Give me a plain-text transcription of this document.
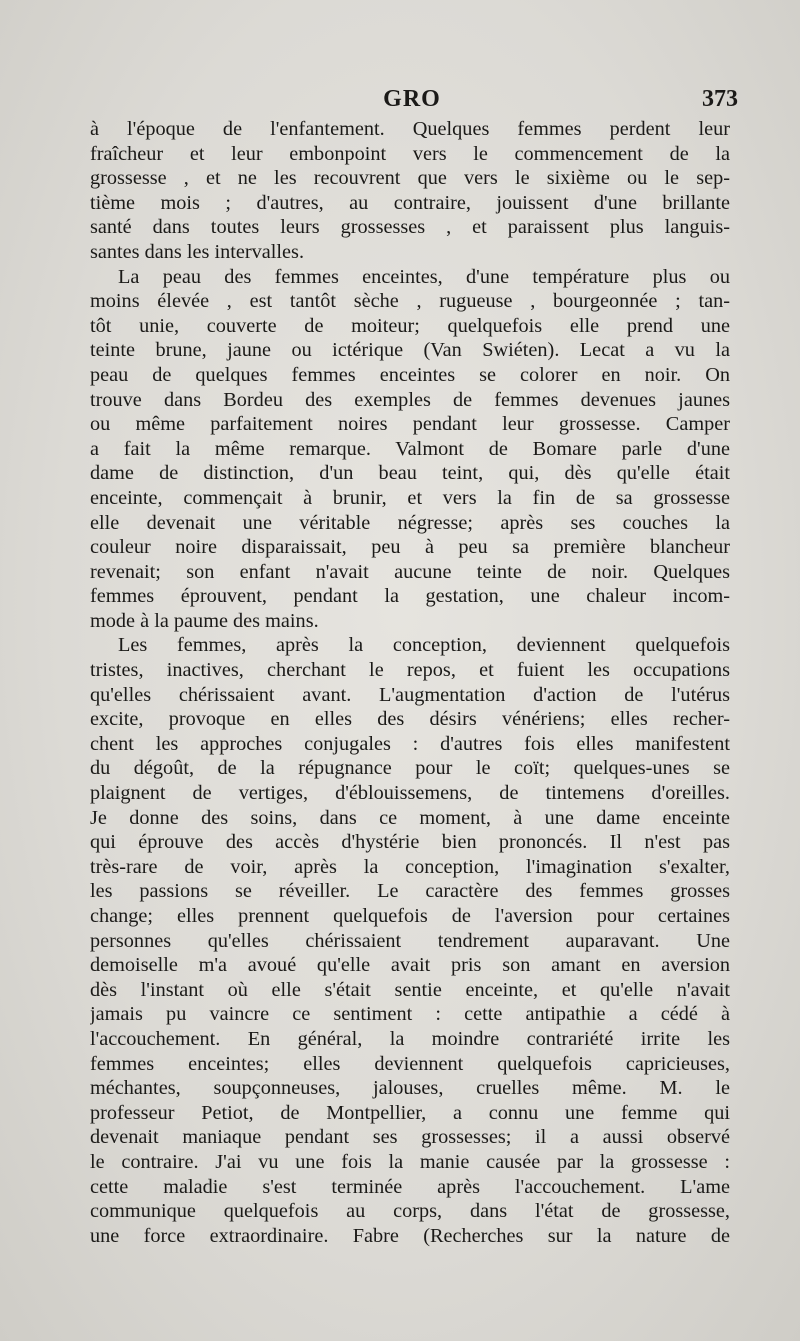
GRO	373
à l'époque de l'enfantement. Quelques femmes perdent leur
fraîcheur et leur embonpoint vers le commencement de la
grossesse , et ne les recouvrent que vers le sixième ou le sep-
tième mois ; d'autres, au contraire, jouissent d'une brillante
santé dans toutes leurs grossesses , et paraissent plus languis-
santes dans les intervalles.
La peau des femmes enceintes, d'une température plus ou
moins élevée , est tantôt sèche , rugueuse , bourgeonnée ; tan-
tôt unie, couverte de moiteur; quelquefois elle prend une
teinte brune, jaune ou ictérique (Van Swiéten). Lecat a vu la
peau de quelques femmes enceintes se colorer en noir. On
trouve dans Bordeu des exemples de femmes devenues jaunes
ou même parfaitement noires pendant leur grossesse. Camper
a fait la même remarque. Valmont de Bomare parle d'une
dame de distinction, d'un beau teint, qui, dès qu'elle était
enceinte, commençait à brunir, et vers la fin de sa grossesse
elle devenait une véritable négresse; après ses couches la
couleur noire disparaissait, peu à peu sa première blancheur
revenait; son enfant n'avait aucune teinte de noir. Quelques
femmes éprouvent, pendant la gestation, une chaleur incom-
mode à la paume des mains.
Les femmes, après la conception, deviennent quelquefois
tristes, inactives, cherchant le repos, et fuient les occupations
qu'elles chérissaient avant. L'augmentation d'action de l'utérus
excite, provoque en elles des désirs vénériens; elles recher-
chent les approches conjugales : d'autres fois elles manifestent
du dégoût, de la répugnance pour le coït; quelques-unes se
plaignent de vertiges, d'éblouissemens, de tintemens d'oreilles.
Je donne des soins, dans ce moment, à une dame enceinte
qui éprouve des accès d'hystérie bien prononcés. Il n'est pas
très-rare de voir, après la conception, l'imagination s'exalter,
les passions se réveiller. Le caractère des femmes grosses
change; elles prennent quelquefois de l'aversion pour certaines
personnes qu'elles chérissaient tendrement auparavant. Une
demoiselle m'a avoué qu'elle avait pris son amant en aversion
dès l'instant où elle s'était sentie enceinte, et qu'elle n'avait
jamais pu vaincre ce sentiment : cette antipathie a cédé à
l'accouchement. En général, la moindre contrariété irrite les
femmes enceintes; elles deviennent quelquefois capricieuses,
méchantes, soupçonneuses, jalouses, cruelles même. M. le
professeur Petiot, de Montpellier, a connu une femme qui
devenait maniaque pendant ses grossesses; il a aussi observé
le contraire. J'ai vu une fois la manie causée par la grossesse :
cette maladie s'est terminée après l'accouchement. L'ame
communique quelquefois au corps, dans l'état de grossesse,
une force extraordinaire. Fabre (Recherches sur la nature de
